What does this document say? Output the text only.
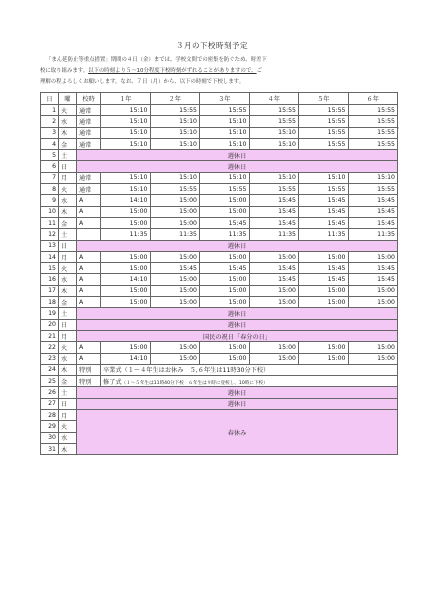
３月の下校時刻予定
「まん延防止等重点措置」期間の４日（金）までは、学校文間での密集を防ぐため、時差下
校に取り組みます。以下の時刻より５～10分程度下校時刻がずれることがありますので、ご
理解の程よろしくお願いします。なお、７日（月）から、以下の時刻で下校します。
日	曜	校時	１年	２年	３年	４年	５年	６年
1	火	通常	15:10	15:55	15:55	15:55	15:55	15:55
2	水	通常	15:10	15:10	15:10	15:55	15:55	15:55
3	木	通常	15:10	15:10	15:10	15:10	15:55	15:55
4	金	通常	15:10	15:10	15:10	15:10	15:55	15:55
5	土	週休日						
6	日	週休日						
7	月	通常	15:10	15:10	15:10	15:10	15:10	15:10
8	火	通常	15:10	15:55	15:55	15:55	15:55	15:55
9	水	A	14:10	15:00	15:00	15:45	15:45	15:45
10	木	A	15:00	15:00	15:00	15:45	15:45	15:45
11	金	A	15:00	15:00	15:45	15:45	15:45	15:45
12	土		11:35	11:35	11:35	11:35	11:35	11:35
13	日	週休日						
14	月	A	15:00	15:00	15:00	15:00	15:00	15:00
15	火	A	15:00	15:45	15:45	15:45	15:45	15:45
16	水	A	14:10	15:00	15:00	15:45	15:45	15:45
17	木	A	15:00	15:00	15:00	15:00	15:00	15:00
18	金	A	15:00	15:00	15:00	15:00	15:00	15:00
19	土	週休日						
20	日	週休日						
21	月	国民の祝日「春分の日」						
22	火	A	15:00	15:00	15:00	15:00	15:00	15:00
23	水	A	14:10	15:00	15:00	15:00	15:00	15:00
24	木	特別	卒業式（１～４年生はお休み　５,６年生は11時30分下校）					
25	金	特別	修了式（１～５年生は11時40分下校　６年生は９時に登校し、10時に下校）					
26	土	週休日						
27	日	週休日						
28	月	春休み						
29	火							
30	水							
31	木							
、
